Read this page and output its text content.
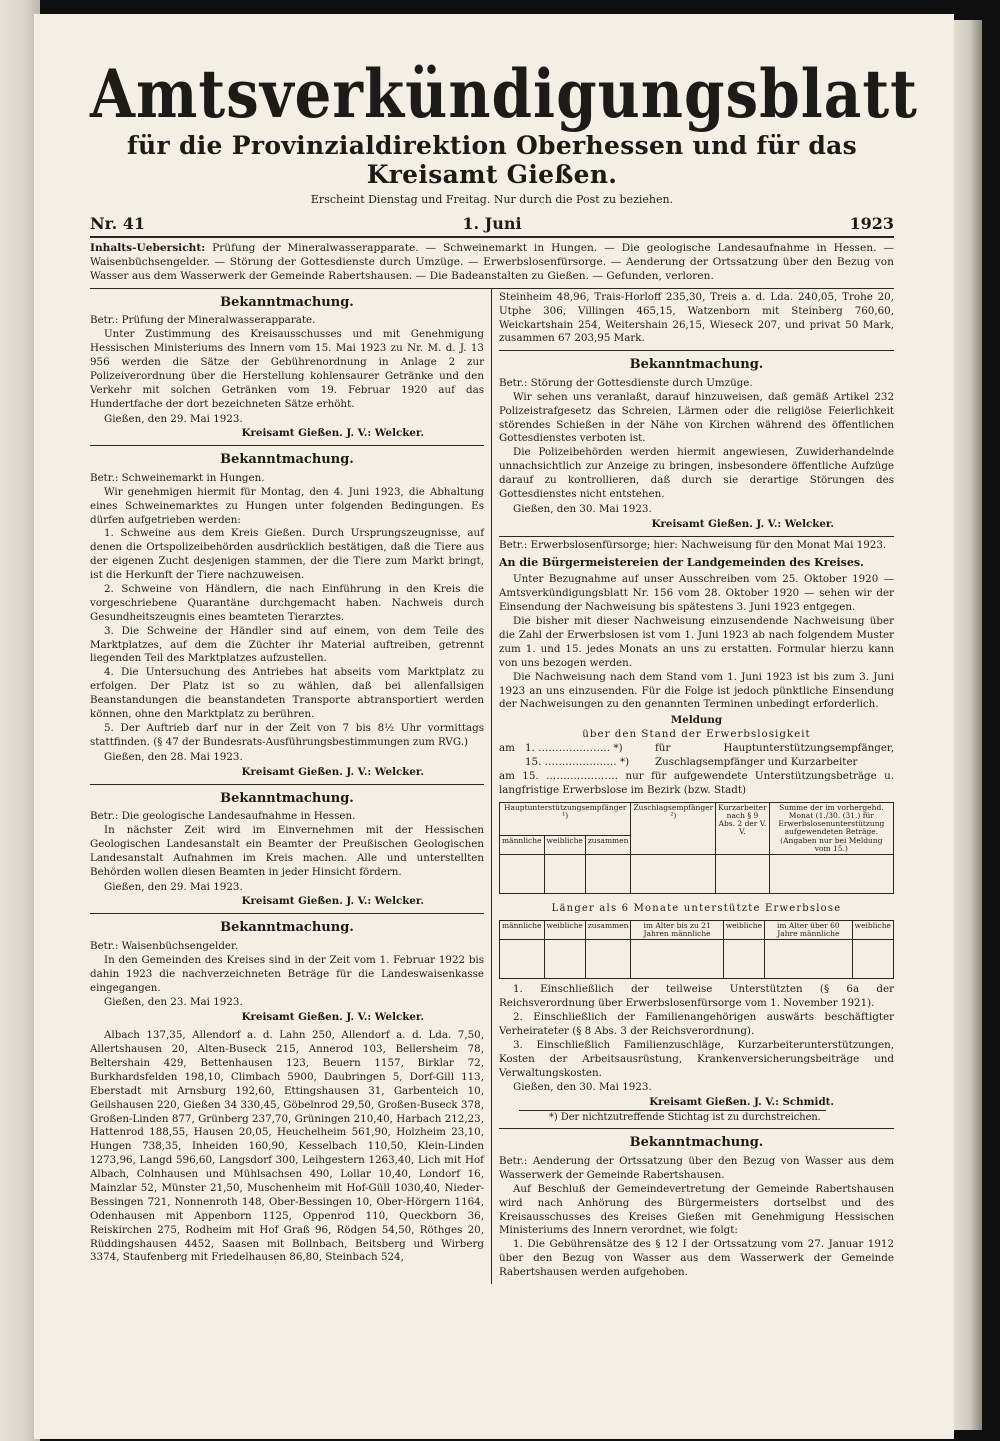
Amtsverkündigungsblatt
für die Provinzialdirektion Oberhessen und für das Kreisamt Gießen.
Erscheint Dienstag und Freitag. Nur durch die Post zu beziehen.
Nr. 41	1. Juni	1923
Inhalts-Uebersicht: Prüfung der Mineralwasserapparate. — Schweinemarkt in Hungen. — Die geologische Landesaufnahme in Hessen. — Waisenbüchsengelder. — Störung der Gottesdienste durch Umzüge. — Erwerbslosenfürsorge. — Aenderung der Ortssatzung über den Bezug von Wasser aus dem Wasserwerk der Gemeinde Rabertshausen. — Die Badeanstalten zu Gießen. — Gefunden, verloren.
Bekanntmachung.

Betr.: Prüfung der Mineralwasserapparate.

Unter Zustimmung des Kreisausschusses und mit Genehmigung Hessischen Ministeriums des Innern vom 15. Mai 1923 zu Nr. M. d. J. 13 956 werden die Sätze der Gebührenordnung in Anlage 2 zur Polizeiverordnung über die Herstellung kohlensaurer Getränke und den Verkehr mit solchen Getränken vom 19. Februar 1920 auf das Hundertfache der dort bezeichneten Sätze erhöht.

Gießen, den 29. Mai 1923.

Kreisamt Gießen. J. V.: Welcker.

Bekanntmachung.

Betr.: Schweinemarkt in Hungen.

Wir genehmigen hiermit für Montag, den 4. Juni 1923, die Abhaltung eines Schweinemarktes zu Hungen unter folgenden Bedingungen. Es dürfen aufgetrieben werden:

1. Schweine aus dem Kreis Gießen. Durch Ursprungszeugnisse, auf denen die Ortspolizeibehörden ausdrücklich bestätigen, daß die Tiere aus der eigenen Zucht desjenigen stammen, der die Tiere zum Markt bringt, ist die Herkunft der Tiere nachzuweisen.

2. Schweine von Händlern, die nach Einführung in den Kreis die vorgeschriebene Quarantäne durchgemacht haben. Nachweis durch Gesundheitszeugnis eines beamteten Tierarztes.

3. Die Schweine der Händler sind auf einem, von dem Teile des Marktplatzes, auf dem die Züchter ihr Material auftreiben, getrennt liegenden Teil des Marktplatzes aufzustellen.

4. Die Untersuchung des Antriebes hat abseits vom Marktplatz zu erfolgen. Der Platz ist so zu wählen, daß bei allenfallsigen Beanstandungen die beanstandeten Transporte abtransportiert werden können, ohne den Marktplatz zu berühren.

5. Der Auftrieb darf nur in der Zeit von 7 bis 8½ Uhr vormittags stattfinden. (§ 47 der Bundesrats-Ausführungsbestimmungen zum RVG.)

Gießen, den 28. Mai 1923.

Kreisamt Gießen. J. V.: Welcker.

Bekanntmachung.

Betr.: Die geologische Landesaufnahme in Hessen.

In nächster Zeit wird im Einvernehmen mit der Hessischen Geologischen Landesanstalt ein Beamter der Preußischen Geologischen Landesanstalt Aufnahmen im Kreis machen. Alle und unterstellten Behörden wollen diesen Beamten in jeder Hinsicht fördern.

Gießen, den 29. Mai 1923.

Kreisamt Gießen. J. V.: Welcker.

Bekanntmachung.

Betr.: Waisenbüchsengelder.

In den Gemeinden des Kreises sind in der Zeit vom 1. Februar 1922 bis dahin 1923 die nachverzeichneten Beträge für die Landeswaisenkasse eingegangen.

Gießen, den 23. Mai 1923.

Kreisamt Gießen. J. V.: Welcker.

Albach 137,35, Allendorf a. d. Lahn 250, Allendorf a. d. Lda. 7,50, Allertshausen 20, Alten-Buseck 215, Annerod 103, Bellersheim 78, Beltershain 429, Bettenhausen 123, Beuern 1157, Birklar 72, Burkhardsfelden 198,10, Climbach 5900, Daubringen 5, Dorf-Gill 113, Eberstadt mit Arnsburg 192,60, Ettingshausen 31, Garbenteich 10, Geilshausen 220, Gießen 34 330,45, Göbelnrod 29,50, Großen-Buseck 378, Großen-Linden 877, Grünberg 237,70, Grüningen 210,40, Harbach 212,23, Hattenrod 188,55, Hausen 20,05, Heuchelheim 561,90, Holzheim 23,10, Hungen 738,35, Inheiden 160,90, Kesselbach 110,50, Klein-Linden 1273,96, Langd 596,60, Langsdorf 300, Leihgestern 1263,40, Lich mit Hof Albach, Colnhausen und Mühlsachsen 490, Lollar 10,40, Londorf 16, Mainzlar 52, Münster 21,50, Muschenheim mit Hof-Güll 1030,40, Nieder-Bessingen 721, Nonnenroth 148, Ober-Bessingen 10, Ober-Hörgern 1164, Odenhausen mit Appenborn 1125, Oppenrod 110, Queckborn 36, Reiskirchen 275, Rodheim mit Hof Graß 96, Rödgen 54,50, Röthges 20, Rüddingshausen 4452, Saasen mit Bollnbach, Beitsberg und Wirberg 3374, Staufenberg mit Friedelhausen 86,80, Steinbach 524,

Steinheim 48,96, Trais-Horloff 235,30, Treis a. d. Lda. 240,05, Trohe 20, Utphe 306, Villingen 465,15, Watzenborn mit Steinberg 760,60, Weickartshain 254, Weitershain 26,15, Wieseck 207, und privat 50 Mark, zusammen 67 203,95 Mark.

Bekanntmachung.

Betr.: Störung der Gottesdienste durch Umzüge.

Wir sehen uns veranlaßt, darauf hinzuweisen, daß gemäß Artikel 232 Polizeistrafgesetz das Schreien, Lärmen oder die religiöse Feierlichkeit störendes Schießen in der Nähe von Kirchen während des öffentlichen Gottesdienstes verboten ist.

Die Polizeibehörden werden hiermit angewiesen, Zuwiderhandelnde unnachsichtlich zur Anzeige zu bringen, insbesondere öffentliche Aufzüge darauf zu kontrollieren, daß durch sie derartige Störungen des Gottesdienstes nicht entstehen.

Gießen, den 30. Mai 1923.

Kreisamt Gießen. J. V.: Welcker.

Betr.: Erwerbslosenfürsorge; hier: Nachweisung für den Monat Mai 1923.

An die Bürgermeistereien der Landgemeinden des Kreises.

Unter Bezugnahme auf unser Ausschreiben vom 25. Oktober 1920 — Amtsverkündigungsblatt Nr. 156 vom 28. Oktober 1920 — sehen wir der Einsendung der Nachweisung bis spätestens 3. Juni 1923 entgegen.

Die bisher mit dieser Nachweisung einzusendende Nachweisung über die Zahl der Erwerbslosen ist vom 1. Juni 1923 ab nach folgendem Muster zum 1. und 15. jedes Monats an uns zu erstatten. Formular hierzu kann von uns bezogen werden.

Die Nachweisung nach dem Stand vom 1. Juni 1923 ist bis zum 3. Juni 1923 an uns einzusenden. Für die Folge ist jedoch pünktliche Einsendung der Nachweisungen zu den genannten Terminen unbedingt erforderlich.

Meldung
über den Stand der Erwerbslosigkeit
am 1. ………………… *)
15. ………………… *)
für Hauptunterstützungsempfänger, Zuschlagsempfänger und Kurzarbeiter
am 15. ………………… nur für aufgewendete Unterstützungsbeträge u. langfristige Erwerbslose im Bezirk (bzw. Stadt)
Hauptunterstützungsempfänger ¹)			Zuschlagsempfänger ²)	Kurzarbeiter nach § 9 Abs. 2 der V. V.	Summe der im vorhergehd. Monat (1./30. (31.) für Erwerbslosenunterstützung aufgewendeten Beträge. (Angaben nur bei Meldung vom 15.)
männliche	weibliche	zusammen			

Länger als 6 Monate unterstützte Erwerbslose
männliche	weibliche	zusammen	im Alter bis zu 21 Jahren männliche	weibliche	im Alter über 60 Jahre männliche	weibliche

1. Einschließlich der teilweise Unterstützten (§ 6a der Reichsverordnung über Erwerbslosenfürsorge vom 1. November 1921).

2. Einschließlich der Familienangehörigen auswärts beschäftigter Verheirateter (§ 8 Abs. 3 der Reichsverordnung).

3. Einschließlich Familienzuschläge, Kurzarbeiterunterstützungen, Kosten der Arbeitsausrüstung, Krankenversicherungsbeiträge und Verwaltungskosten.

Gießen, den 30. Mai 1923.

Kreisamt Gießen. J. V.: Schmidt.

*) Der nichtzutreffende Stichtag ist zu durchstreichen.
Bekanntmachung.

Betr.: Aenderung der Ortssatzung über den Bezug von Wasser aus dem Wasserwerk der Gemeinde Rabertshausen.

Auf Beschluß der Gemeindevertretung der Gemeinde Rabertshausen wird nach Anhörung des Bürgermeisters dortselbst und des Kreisausschusses des Kreises Gießen mit Genehmigung Hessischen Ministeriums des Innern verordnet, wie folgt:

1. Die Gebührensätze des § 12 I der Ortssatzung vom 27. Januar 1912 über den Bezug von Wasser aus dem Wasserwerk der Gemeinde Rabertshausen werden aufgehoben.
